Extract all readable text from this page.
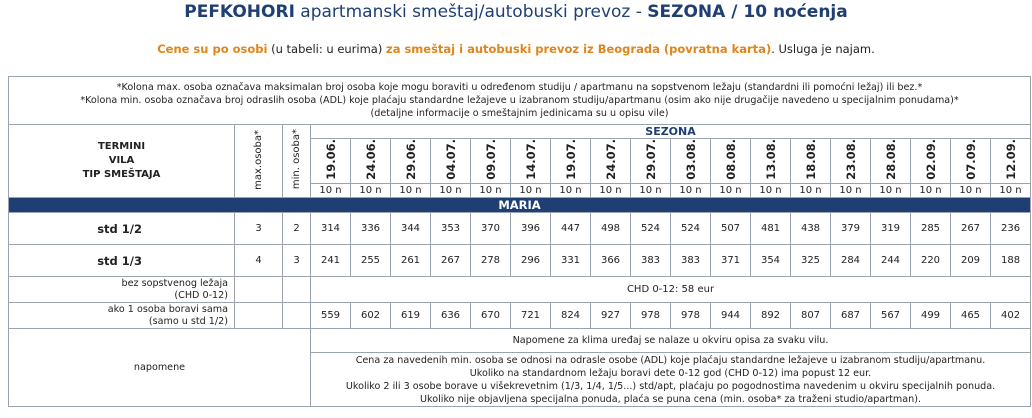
PEFKOHORI apartmanski smeštaj/autobuski prevoz - SEZONA / 10 noćenja
Cene su po osobi (u tabeli: u eurima) za smeštaj i autobuski prevoz iz Beograda (povratna karta). Usluga je najam.
*Kolona max. osoba označava maksimalan broj osoba koje mogu boraviti u određenom studiju / apartmanu na sopstvenom ležaju (standardni ili pomoćni ležaj) ili bez.*
*Kolona min. osoba označava broj odraslih osoba (ADL) koje plaćaju standardne ležajeve u izabranom studiju/apartmanu (osim ako nije drugačije navedeno u specijalnim ponudama)*
(detaljne informacije o smeštajnim jedinicama su u opisu vile)																				

TERMINI
VILA
TIP SMEŠTAJA	max.osoba*	min. osoba*	SEZONA																	
			19.06.	24.06.	29.06.	04.07.	09.07.	14.07.	19.07.	24.07.	29.07.	03.08.	08.08.	13.08.	18.08.	23.08.	28.08.	02.09.	07.09.	12.09.
			10 n	10 n	10 n	10 n	10 n	10 n	10 n	10 n	10 n	10 n	10 n	10 n	10 n	10 n	10 n	10 n	10 n	10 n
MARIA																				
std 1/2	3	2	314	336	344	353	370	396	447	498	524	524	507	481	438	379	319	285	267	236
std 1/3	4	3	241	255	261	267	278	296	331	366	383	383	371	354	325	284	244	220	209	188

bez sopstvenog ležaja
(CHD 0-12)			CHD 0-12: 58 eur																	

ako 1 osoba boravi sama
(samo u std 1/2)			559	602	619	636	670	721	824	927	978	978	944	892	807	687	567	499	465	402
napomene			Napomene za klima uređaj se nalaze u okviru opisa za svaku vilu.																	

			Cena za navedenih min. osoba se odnosi na odrasle osobe (ADL) koje plaćaju standardne ležajeve u izabranom studiju/apartmanu.
Ukoliko na standardnom ležaju boravi dete 0-12 god (CHD 0-12) ima popust 12 eur.
Ukoliko 2 ili 3 osobe borave u višekrevetnim (1/3, 1/4, 1/5...) std/apt, plaćaju po pogodnostima navedenim u okviru specijalnih ponuda.
Ukoliko nije objavljena specijalna ponuda, plaća se puna cena (min. osoba* za traženi studio/apartman).																	
